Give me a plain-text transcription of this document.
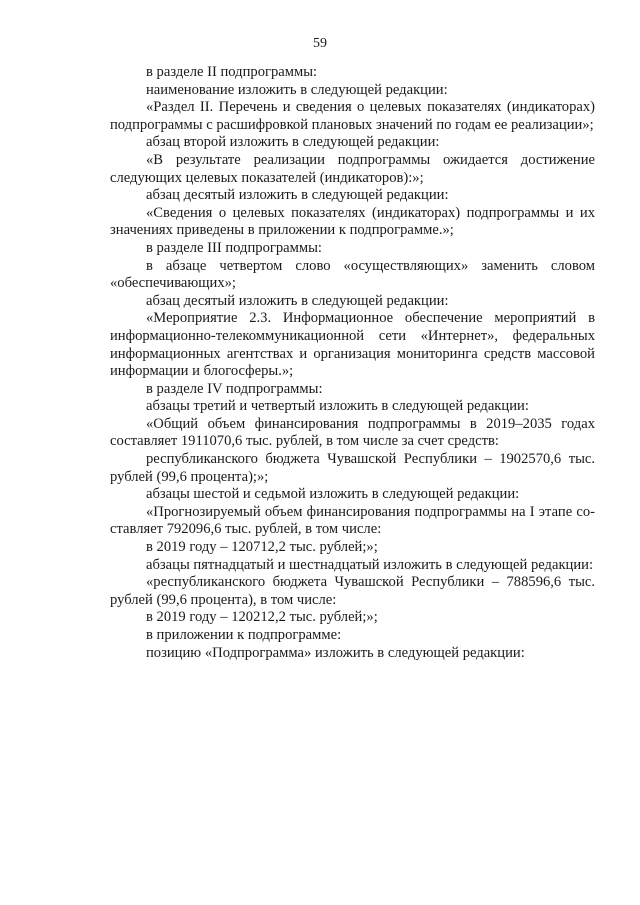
59

в разделе II подпрограммы:

наименование изложить в следующей редакции:

«Раздел II. Перечень и сведения о целевых показателях (индикаторах) подпрограммы с расшифровкой плановых значений по годам ее реализации»;

абзац второй изложить в следующей редакции:

«В результате реализации подпрограммы ожидается достижение следующих целевых показателей (индикаторов):»;

абзац десятый изложить в следующей редакции:

«Сведения о целевых показателях (индикаторах) подпрограммы и их значениях приведены в приложении к подпрограмме.»;

в разделе III подпрограммы:

в абзаце четвертом слово «осуществляющих» заменить словом «обеспечивающих»;

абзац десятый изложить в следующей редакции:

«Мероприятие 2.3. Информационное обеспечение мероприятий в информационно-телекоммуникационной сети «Интернет», федеральных информационных агентствах и организация мониторинга средств массовой информации и блогосферы.»;

в разделе IV подпрограммы:

абзацы третий и четвертый изложить в следующей редакции:

«Общий объем финансирования подпрограммы в 2019–2035 годах составляет 1911070,6 тыс. рублей, в том числе за счет средств:

республиканского бюджета Чувашской Республики – 1902570,6 тыс. рублей (99,6 процента);»;

абзацы шестой и седьмой изложить в следующей редакции:

«Прогнозируемый объем финансирования подпрограммы на I этапе составляет 792096,6 тыс. рублей, в том числе:

в 2019 году – 120712,2 тыс. рублей;»;

абзацы пятнадцатый и шестнадцатый изложить в следующей редакции:

«республиканского бюджета Чувашской Республики – 788596,6 тыс. рублей (99,6 процента), в том числе:

в 2019 году – 120212,2 тыс. рублей;»;

в приложении к подпрограмме:

позицию «Подпрограмма» изложить в следующей редакции:
